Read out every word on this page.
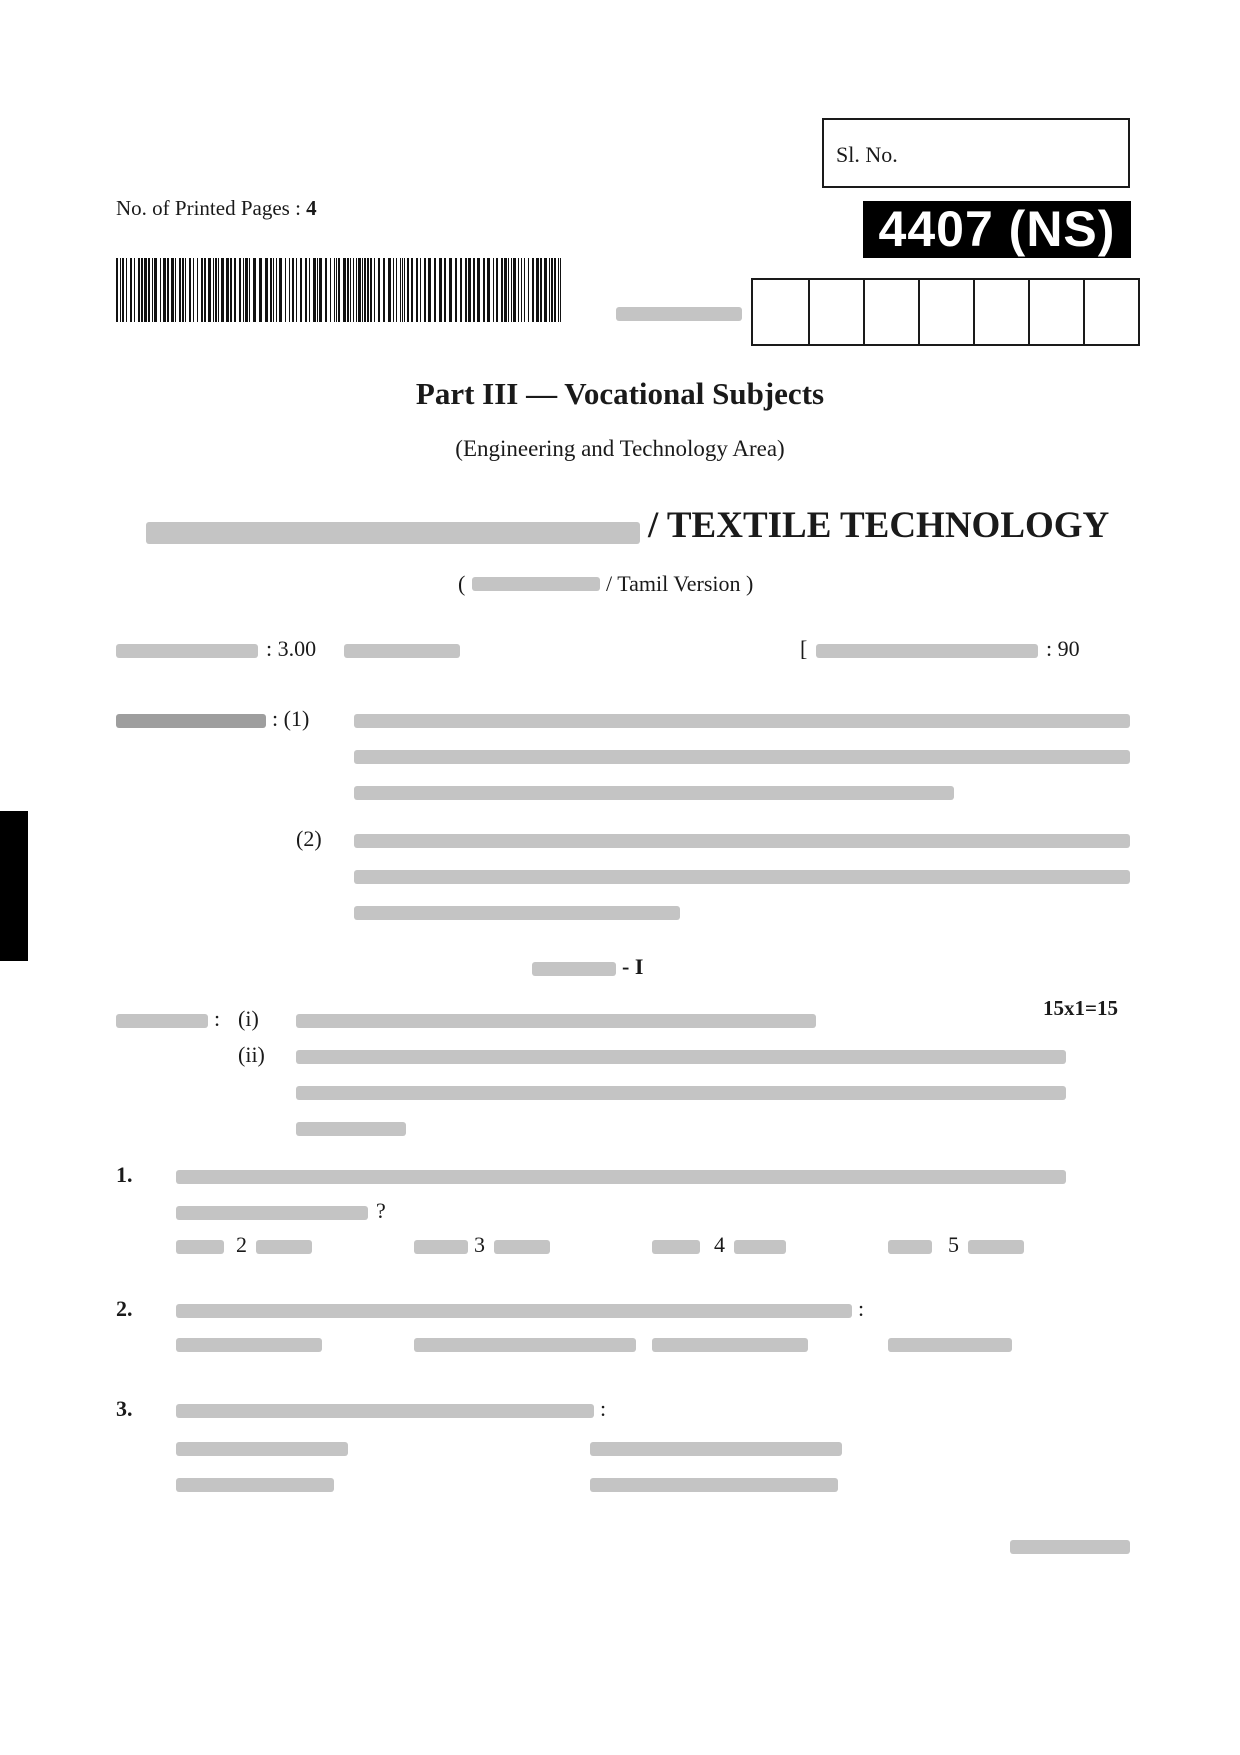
Sl. No.
No. of Printed Pages : 4	4407 (NS)
Part III — Vocational Subjects
(Engineering and Technology Area)
/ TEXTILE TECHNOLOGY
(	/ Tamil Version )
: 3.00	[	: 90
: (1)
(2)
- I
15x1=15
: (i)
(ii)
1.
?
2	3	4	5
2.	:
3.	:
